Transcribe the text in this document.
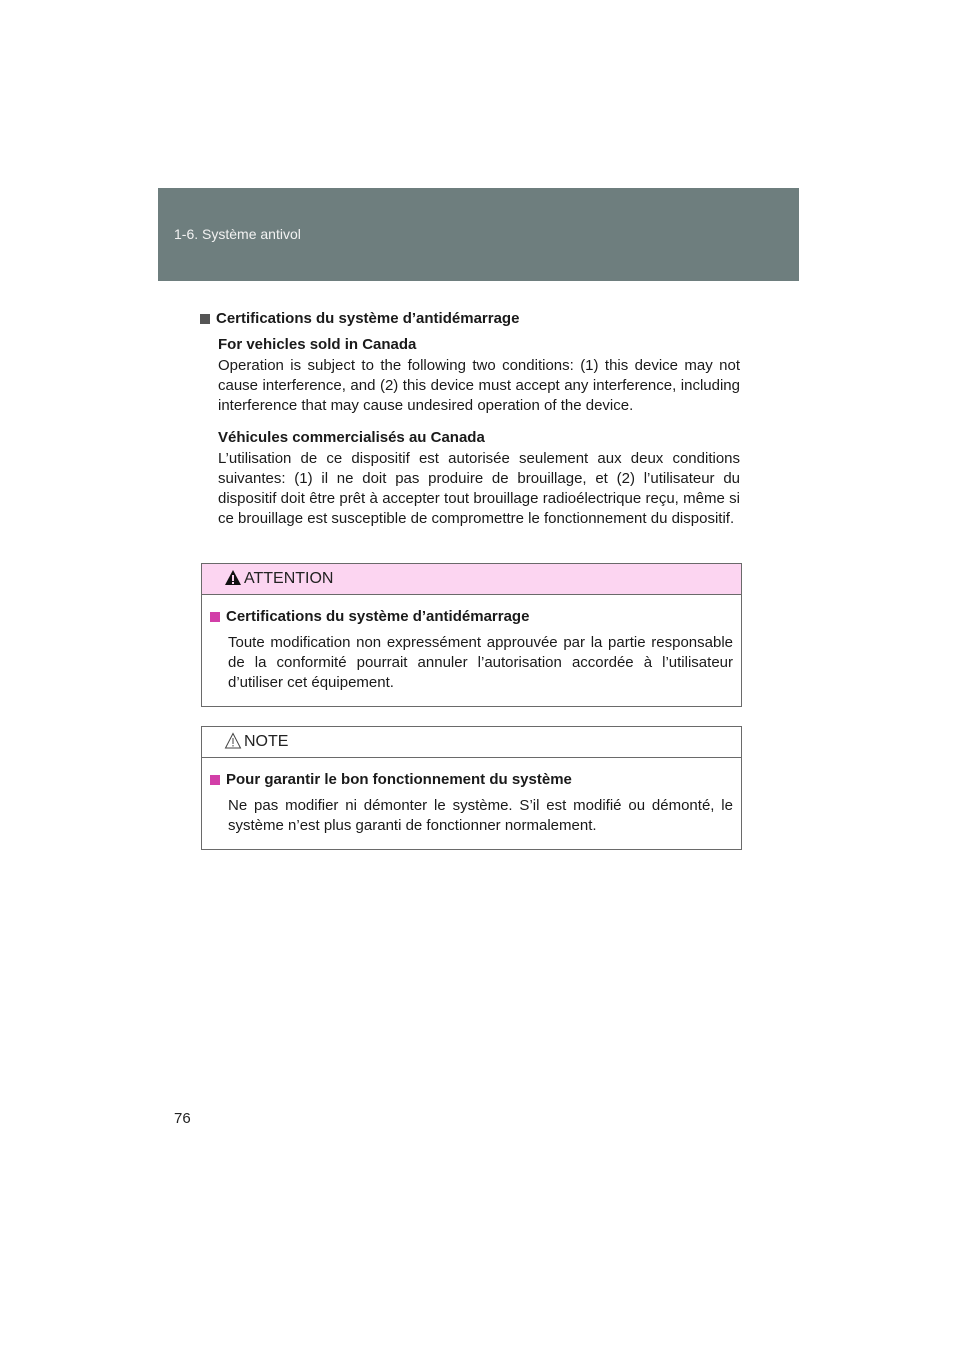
1-6. Système antivol

Certifications du système d’antidémarrage

For vehicles sold in Canada

Operation is subject to the following two conditions: (1) this device may not cause interference, and (2) this device must accept any interference, including interference that may cause undesired operation of the device.

Véhicules commercialisés au Canada

L’utilisation de ce dispositif est autorisée seulement aux deux conditions suivantes: (1) il ne doit pas produire de brouillage, et (2) l’utilisateur du dispositif doit être prêt à accepter tout brouillage radioélectrique reçu, même si ce brouillage est susceptible de compromettre le fonctionnement du dispositif.

ATTENTION

Certifications du système d’antidémarrage

Toute modification non expressément approuvée par la partie responsable de la conformité pourrait annuler l’autorisation accordée à l’utilisateur d’utiliser cet équipement.

NOTE

Pour garantir le bon fonctionnement du système

Ne pas modifier ni démonter le système. S’il est modifié ou démonté, le système n’est plus garanti de fonctionner normalement.

76
